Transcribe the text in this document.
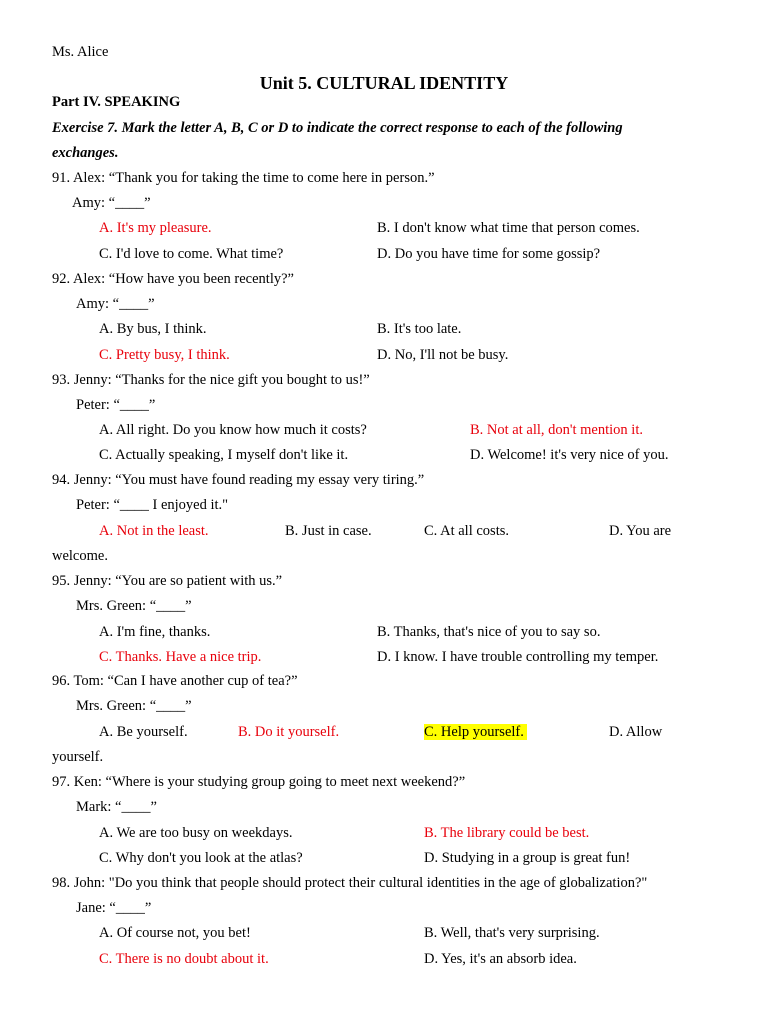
Ms. Alice
Unit 5. CULTURAL IDENTITY
Part IV. SPEAKING
Exercise 7. Mark the letter A, B, C or D to indicate the correct response to each of the following
exchanges.
91. Alex: “Thank you for taking the time to come here in person.”
Amy: “____”
A. It's my pleasure.	B. I don't know what time that person comes.
C. I'd love to come. What time?	D. Do you have time for some gossip?
92. Alex: “How have you been recently?”
Amy: “____”
A. By bus, I think.	B. It's too late.
C. Pretty busy, I think.	D. No, I'll not be busy.
93. Jenny: “Thanks for the nice gift you bought to us!”
Peter: “____”
A. All right. Do you know how much it costs?	B. Not at all, don't mention it.
C. Actually speaking, I myself don't like it.	D. Welcome! it's very nice of you.
94. Jenny: “You must have found reading my essay very tiring.”
Peter: “____ I enjoyed it."
A. Not in the least.	B. Just in case.	C. At all costs.	D. You are
welcome.
95. Jenny: “You are so patient with us.”
Mrs. Green: “____”
A. I'm fine, thanks.	B. Thanks, that's nice of you to say so.
C. Thanks. Have a nice trip.	D. I know. I have trouble controlling my temper.
96. Tom: “Can I have another cup of tea?”
Mrs. Green: “____”
A. Be yourself.	B. Do it yourself.	C. Help yourself.	D. Allow
yourself.
97. Ken: “Where is your studying group going to meet next weekend?”
Mark: “____”
A. We are too busy on weekdays.	B. The library could be best.
C. Why don't you look at the atlas?	D. Studying in a group is great fun!
98. John: "Do you think that people should protect their cultural identities in the age of globalization?"
Jane: “____”
A. Of course not, you bet!	B. Well, that's very surprising.
C. There is no doubt about it.	D. Yes, it's an absorb idea.
